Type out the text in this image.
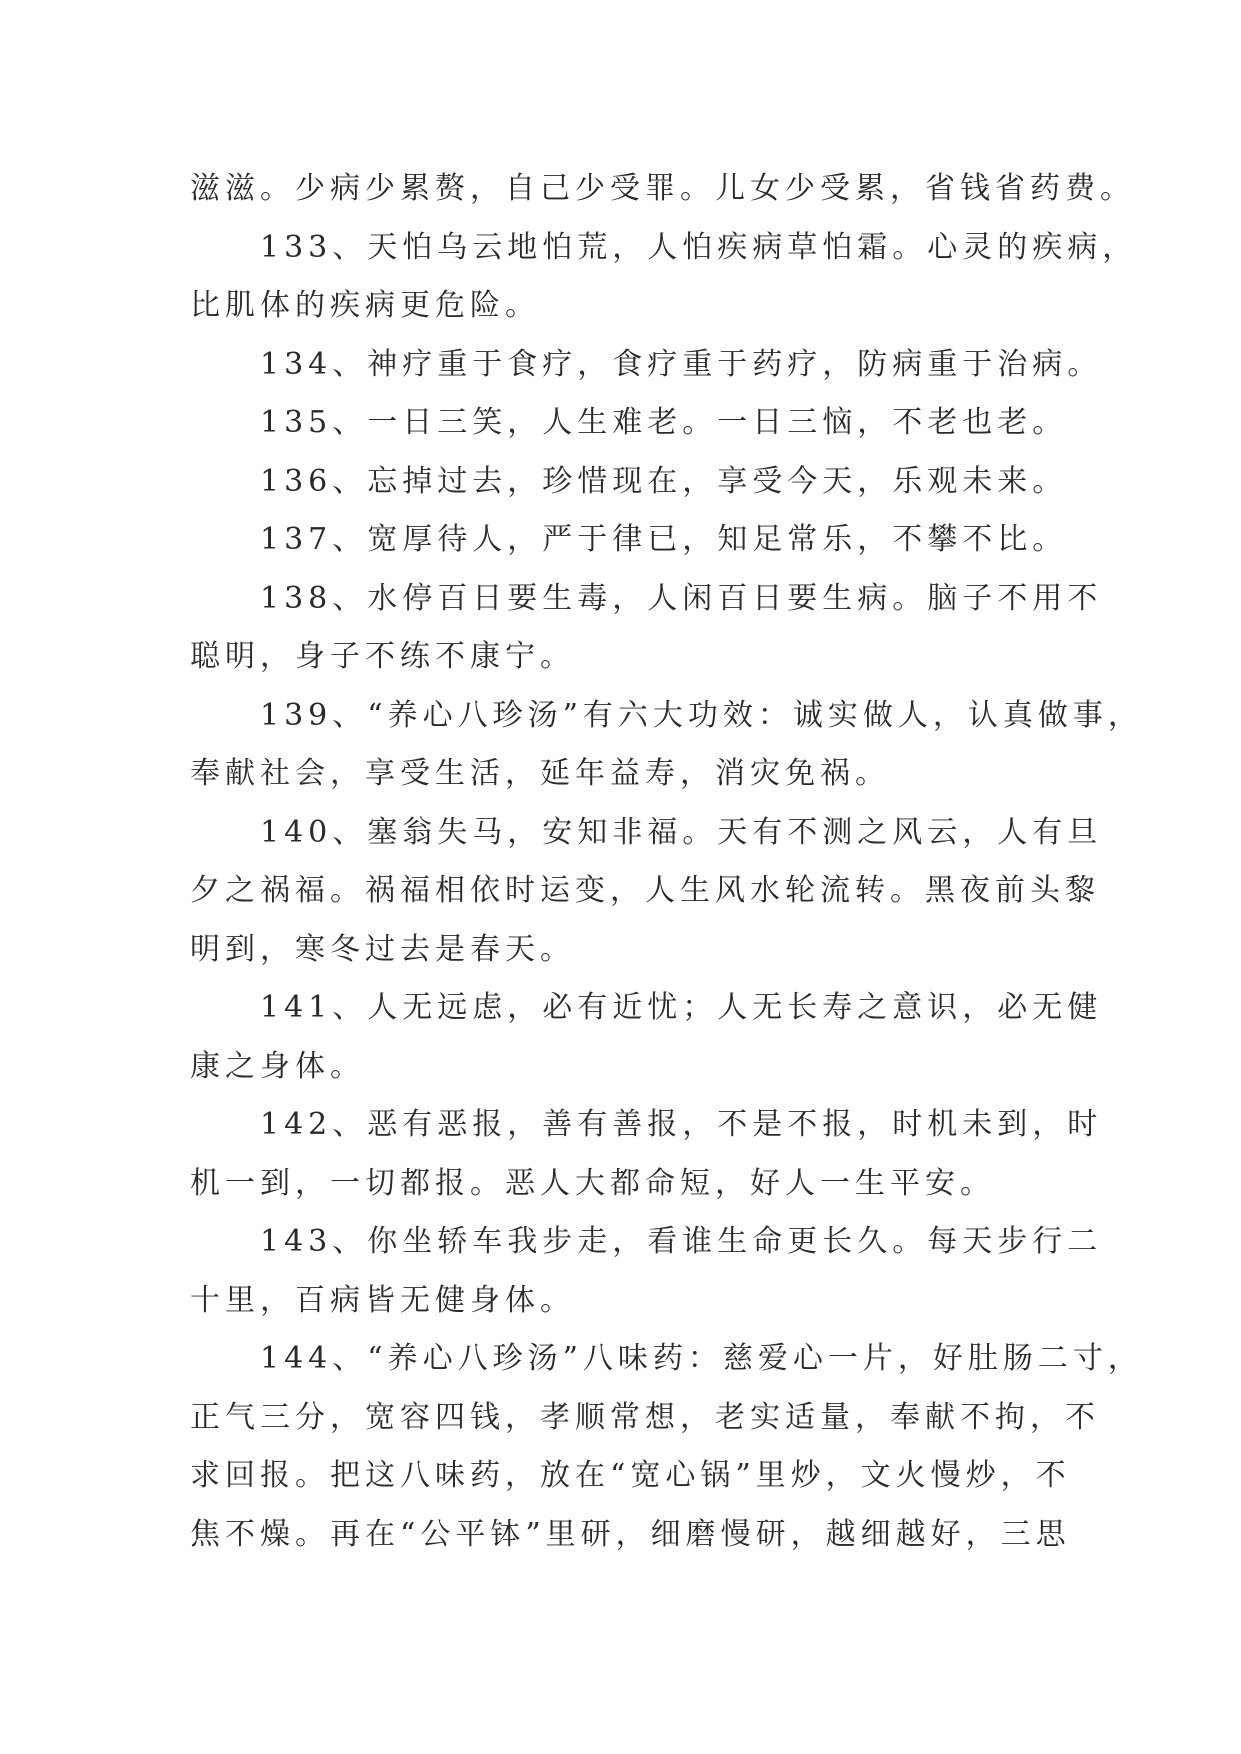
滋滋。少病少累赘，自己少受罪。儿女少受累，省钱省药费。
133、天怕乌云地怕荒，人怕疾病草怕霜。心灵的疾病，
比肌体的疾病更危险。
134、神疗重于食疗，食疗重于药疗，防病重于治病。
135、一日三笑，人生难老。一日三恼，不老也老。
136、忘掉过去，珍惜现在，享受今天，乐观未来。
137、宽厚待人，严于律已，知足常乐，不攀不比。
138、水停百日要生毒，人闲百日要生病。脑子不用不
聪明，身子不练不康宁。
139、“养心八珍汤”有六大功效：诚实做人，认真做事，
奉献社会，享受生活，延年益寿，消灾免祸。
140、塞翁失马，安知非福。天有不测之风云，人有旦
夕之祸福。祸福相依时运变，人生风水轮流转。黑夜前头黎
明到，寒冬过去是春天。
141、人无远虑，必有近忧；人无长寿之意识，必无健
康之身体。
142、恶有恶报，善有善报，不是不报，时机未到，时
机一到，一切都报。恶人大都命短，好人一生平安。
143、你坐轿车我步走，看谁生命更长久。每天步行二
十里，百病皆无健身体。
144、“养心八珍汤”八味药：慈爱心一片，好肚肠二寸，
正气三分，宽容四钱，孝顺常想，老实适量，奉献不拘，不
求回报。把这八味药，放在“宽心锅”里炒，文火慢炒，不
焦不燥。再在“公平钵”里研，细磨慢研，越细越好，三思
